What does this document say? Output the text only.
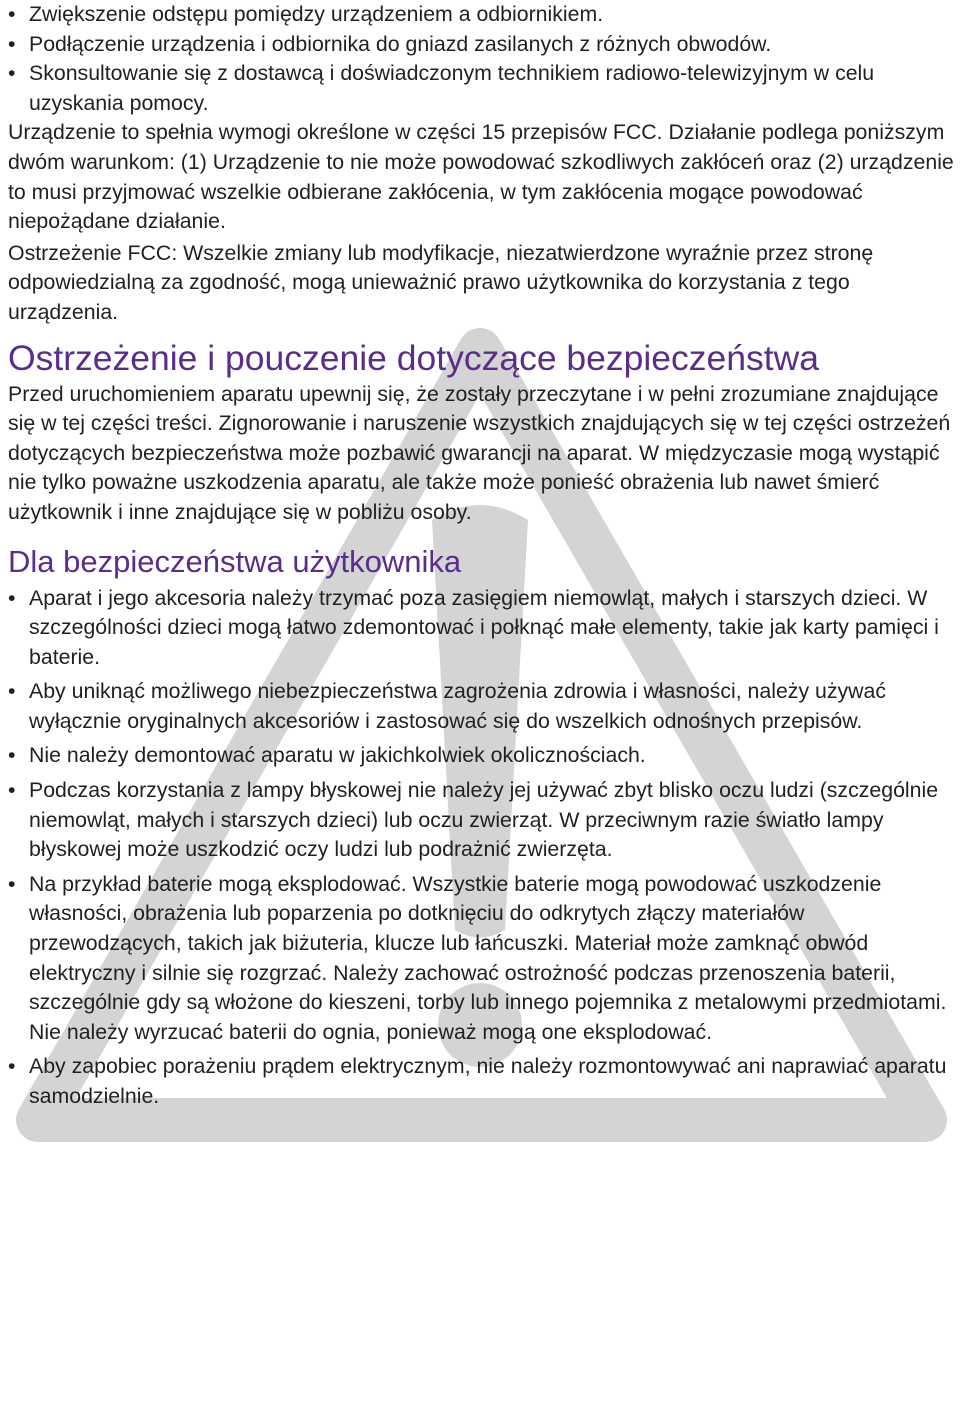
• Zwiększenie odstępu pomiędzy urządzeniem a odbiornikiem.
• Podłączenie urządzenia i odbiornika do gniazd zasilanych z różnych obwodów.
• Skonsultowanie się z dostawcą i doświadczonym technikiem radiowo-telewizyjnym w celu uzyskania pomocy.

Urządzenie to spełnia wymogi określone w części 15 przepisów FCC. Działanie podlega poniższym dwóm warunkom: (1) Urządzenie to nie może powodować szkodliwych zakłóceń oraz (2) urządzenie to musi przyjmować wszelkie odbierane zakłócenia, w tym zakłócenia mogące powodować niepożądane działanie.

Ostrzeżenie FCC: Wszelkie zmiany lub modyfikacje, niezatwierdzone wyraźnie przez stronę odpowiedzialną za zgodność, mogą unieważnić prawo użytkownika do korzystania z tego urządzenia.

Ostrzeżenie i pouczenie dotyczące bezpieczeństwa

Przed uruchomieniem aparatu upewnij się, że zostały przeczytane i w pełni zrozumiane znajdujące się w tej części treści. Zignorowanie i naruszenie wszystkich znajdujących się w tej części ostrzeżeń dotyczących bezpieczeństwa może pozbawić gwarancji na aparat. W międzyczasie mogą wystąpić nie tylko poważne uszkodzenia aparatu, ale także może ponieść obrażenia lub nawet śmierć użytkownik i inne znajdujące się w pobliżu osoby.

Dla bezpieczeństwa użytkownika
• Aparat i jego akcesoria należy trzymać poza zasięgiem niemowląt, małych i starszych dzieci. W szczególności dzieci mogą łatwo zdemontować i połknąć małe elementy, takie jak karty pamięci i baterie.
• Aby uniknąć możliwego niebezpieczeństwa zagrożenia zdrowia i własności, należy używać wyłącznie oryginalnych akcesoriów i zastosować się do wszelkich odnośnych przepisów.
• Nie należy demontować aparatu w jakichkolwiek okolicznościach.
• Podczas korzystania z lampy błyskowej nie należy jej używać zbyt blisko oczu ludzi (szczególnie niemowląt, małych i starszych dzieci) lub oczu zwierząt. W przeciwnym razie światło lampy błyskowej może uszkodzić oczy ludzi lub podrażnić zwierzęta.
• Na przykład baterie mogą eksplodować. Wszystkie baterie mogą powodować uszkodzenie własności, obrażenia lub poparzenia po dotknięciu do odkrytych złączy materiałów przewodzących, takich jak biżuteria, klucze lub łańcuszki. Materiał może zamknąć obwód elektryczny i silnie się rozgrzać. Należy zachować ostrożność podczas przenoszenia baterii, szczególnie gdy są włożone do kieszeni, torby lub innego pojemnika z metalowymi przedmiotami. Nie należy wyrzucać baterii do ognia, ponieważ mogą one eksplodować.
• Aby zapobiec porażeniu prądem elektrycznym, nie należy rozmontowywać ani naprawiać aparatu samodzielnie.
